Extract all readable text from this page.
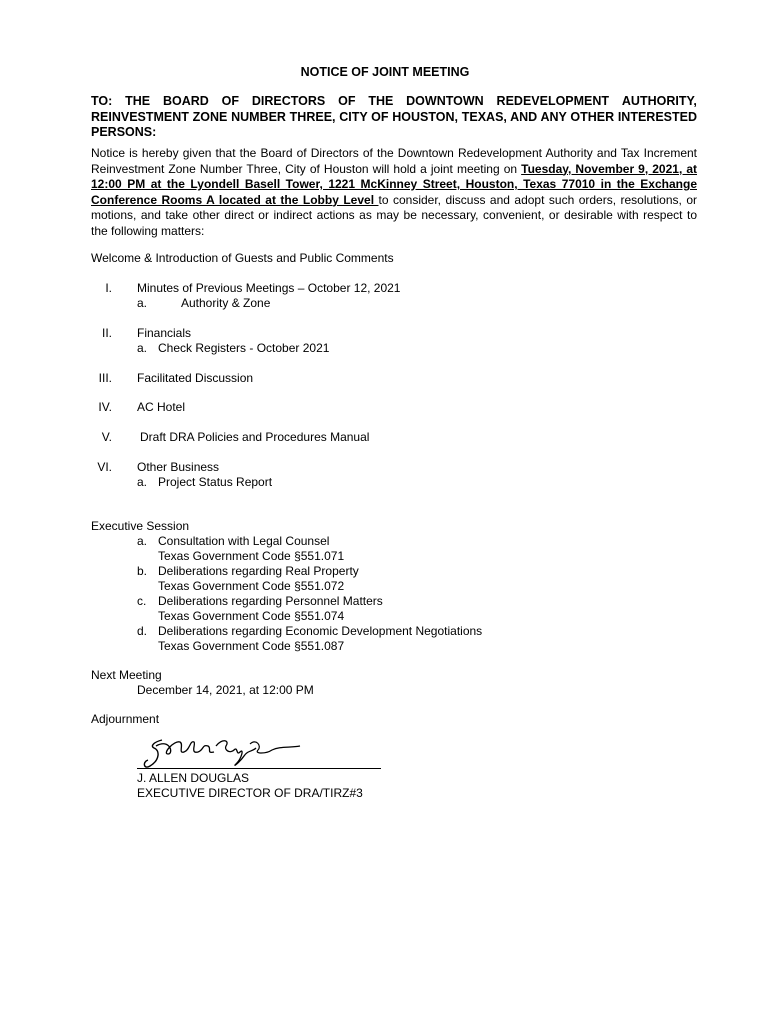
NOTICE OF JOINT MEETING
TO: THE BOARD OF DIRECTORS OF THE DOWNTOWN REDEVELOPMENT AUTHORITY,
REINVESTMENT ZONE NUMBER THREE, CITY OF HOUSTON, TEXAS, AND ANY OTHER INTERESTED PERSONS:
Notice is hereby given that the Board of Directors of the Downtown Redevelopment Authority and Tax Increment Reinvestment Zone Number Three, City of Houston will hold a joint meeting on Tuesday, November 9, 2021, at 12:00 PM at the Lyondell Basell Tower, 1221 McKinney Street, Houston, Texas 77010 in the Exchange Conference Rooms A located at the Lobby Level to consider, discuss and adopt such orders, resolutions, or motions, and take other direct or indirect actions as may be necessary, convenient, or desirable with respect to the following matters:
Welcome & Introduction of Guests and Public Comments
I. Minutes of Previous Meetings – October 12, 2021
a.	Authority & Zone
II. Financials
a. Check Registers - October 2021
III. Facilitated Discussion
IV. AC Hotel
V. Draft DRA Policies and Procedures Manual
VI. Other Business
a. Project Status Report
Executive Session
a. Consultation with Legal Counsel
Texas Government Code §551.071
b. Deliberations regarding Real Property
Texas Government Code §551.072
c. Deliberations regarding Personnel Matters
Texas Government Code §551.074
d. Deliberations regarding Economic Development Negotiations
Texas Government Code §551.087
Next Meeting
December 14, 2021, at 12:00 PM
Adjournment
J. ALLEN DOUGLAS
EXECUTIVE DIRECTOR OF DRA/TIRZ#3
